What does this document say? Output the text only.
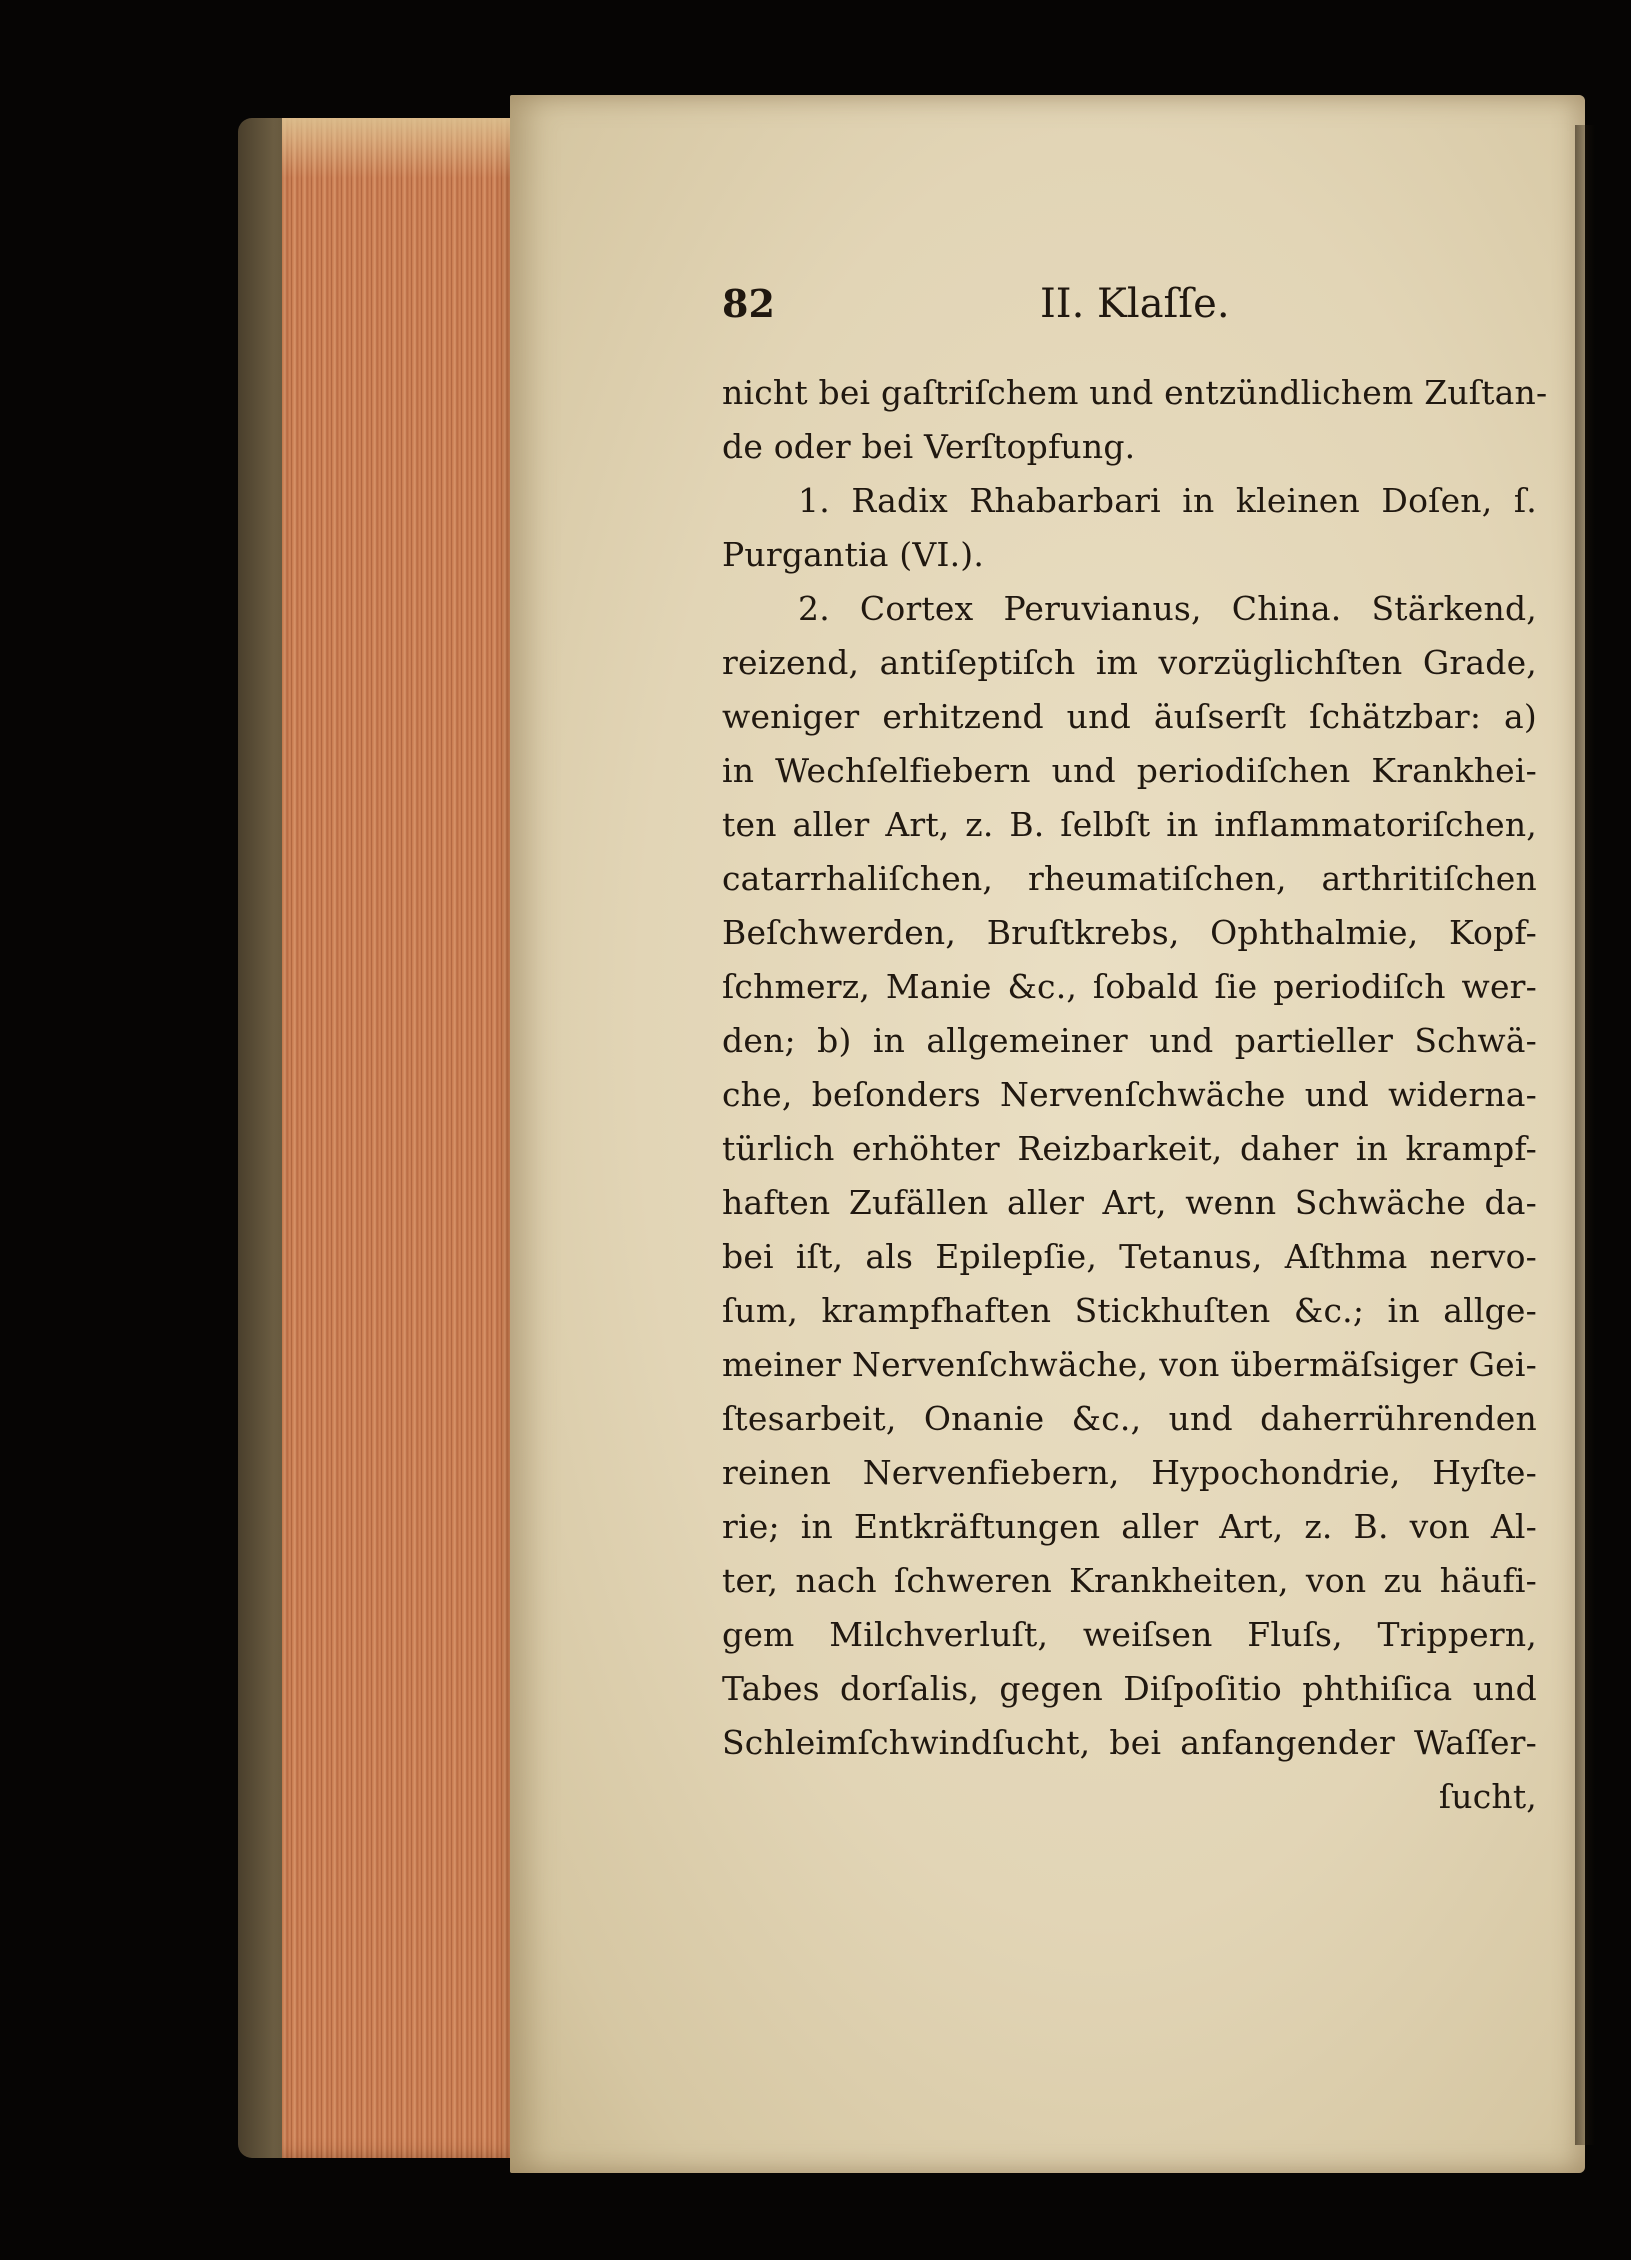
82	II. Klaſſe.
nicht bei gaſtriſchem und entzündlichem Zuſtan-
de oder bei Verſtopfung.
1. Radix Rhabarbari in kleinen Doſen, ſ.
Purgantia (VI.).
2. Cortex Peruvianus, China. Stärkend,
reizend, antiſeptiſch im vorzüglichſten Grade,
weniger erhitzend und äuſserſt ſchätzbar: a)
in Wechſelfiebern und periodiſchen Krankhei-
ten aller Art, z. B. ſelbſt in inflammatoriſchen,
catarrhaliſchen, rheumatiſchen, arthritiſchen
Beſchwerden, Bruſtkrebs, Ophthalmie, Kopf-
ſchmerz, Manie &c., ſobald ſie periodiſch wer-
den; b) in allgemeiner und partieller Schwä-
che, beſonders Nervenſchwäche und widerna-
türlich erhöhter Reizbarkeit, daher in krampf-
haften Zufällen aller Art, wenn Schwäche da-
bei iſt, als Epilepſie, Tetanus, Aſthma nervo-
ſum, krampfhaften Stickhuſten &c.; in allge-
meiner Nervenſchwäche, von übermäſsiger Gei-
ſtesarbeit, Onanie &c., und daherrührenden
reinen Nervenfiebern, Hypochondrie, Hyſte-
rie; in Entkräftungen aller Art, z. B. von Al-
ter, nach ſchweren Krankheiten, von zu häufi-
gem Milchverluſt, weiſsen Fluſs, Trippern,
Tabes dorſalis, gegen Diſpoſitio phthiſica und
Schleimſchwindſucht, bei anfangender Waſſer-
ſucht,
